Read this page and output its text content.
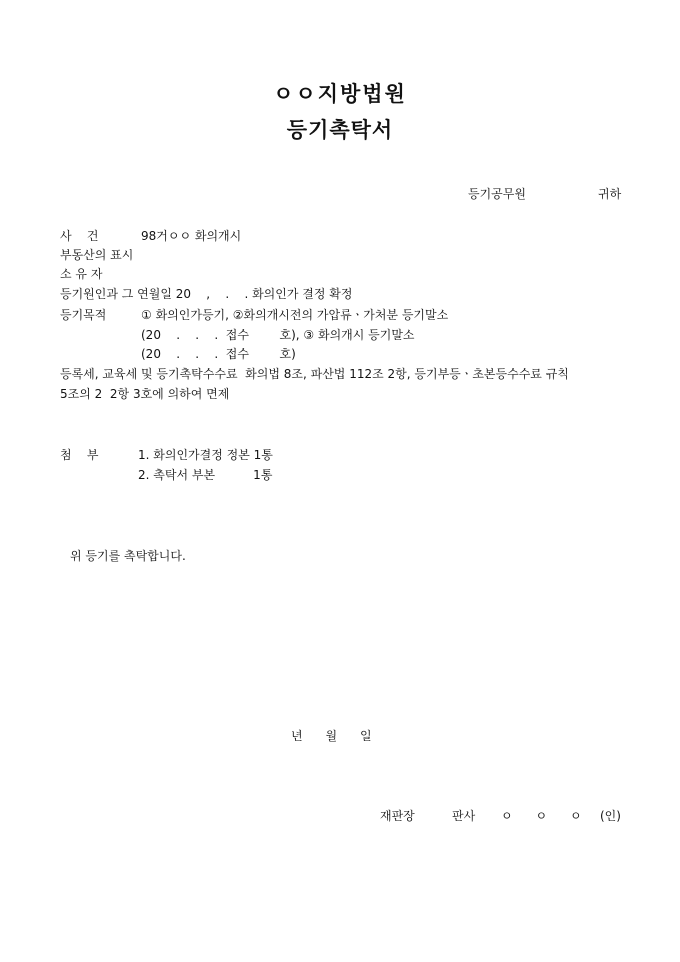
ㅇㅇ지방법원
등기촉탁서
등기공무원	귀하
사    건	98거ㅇㅇ 화의개시
부동산의 표시
소 유 자
등기원인과 그 연월일 20    ,    .    . 화의인가 결정 확정
등기목적	① 화의인가등기, ②화의개시전의 가압류ㆍ가처분 등기말소
(20    .    .    .  접수        호), ③ 화의개시 등기말소
(20    .    .    .  접수        호)
등록세, 교육세 및 등기촉탁수수료  화의법 8조, 파산법 112조 2항, 등기부등ㆍ초본등수수료 규칙
5조의 2  2항 3호에 의하여 면제
첨    부	1. 화의인가결정 정본 1통
2. 촉탁서 부본          1통
위 등기를 촉탁합니다.
년      월      일
재판장	판사 ㅇ      ㅇ      ㅇ (인)
